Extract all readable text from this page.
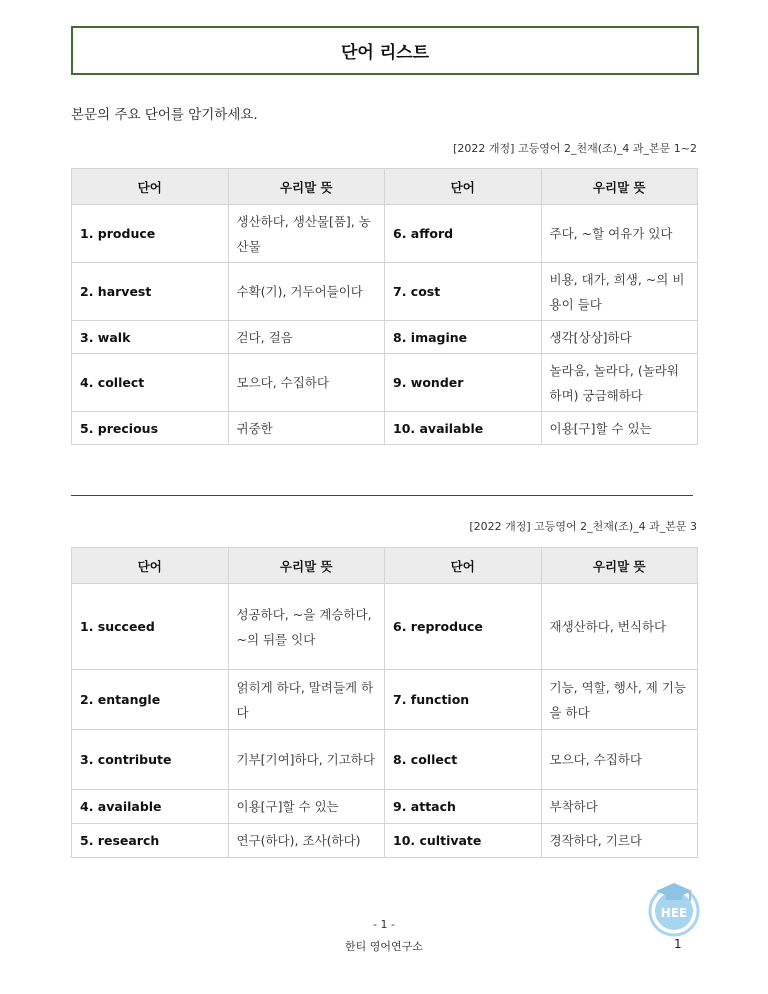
단어 리스트
본문의 주요 단어를 암기하세요.
[2022 개정] 고등영어 2_천재(조)_4 과_본문 1~2
단어	우리말 뜻	단어	우리말 뜻
1. produce	생산하다, 생산물[품], 농산물	6. afford	주다, ~할 여유가 있다
2. harvest	수확(기), 거두어들이다	7. cost	비용, 대가, 희생, ~의 비용이 들다
3. walk	걷다, 걸음	8. imagine	생각[상상]하다
4. collect	모으다, 수집하다	9. wonder	놀라움, 놀라다, (놀라워하며) 궁금해하다
5. precious	귀중한	10. available	이용[구]할 수 있는
[2022 개정] 고등영어 2_천재(조)_4 과_본문 3
단어	우리말 뜻	단어	우리말 뜻
1. succeed	성공하다, ~을 계승하다, ~의 뒤를 잇다	6. reproduce	재생산하다, 번식하다
2. entangle	얽히게 하다, 말려들게 하다	7. function	기능, 역할, 행사, 제 기능을 하다
3. contribute	기부[기여]하다, 기고하다	8. collect	모으다, 수집하다
4. available	이용[구]할 수 있는	9. attach	부착하다
5. research	연구(하다), 조사(하다)	10. cultivate	경작하다, 기르다
- 1 -
한티 영어연구소	1
HEE
